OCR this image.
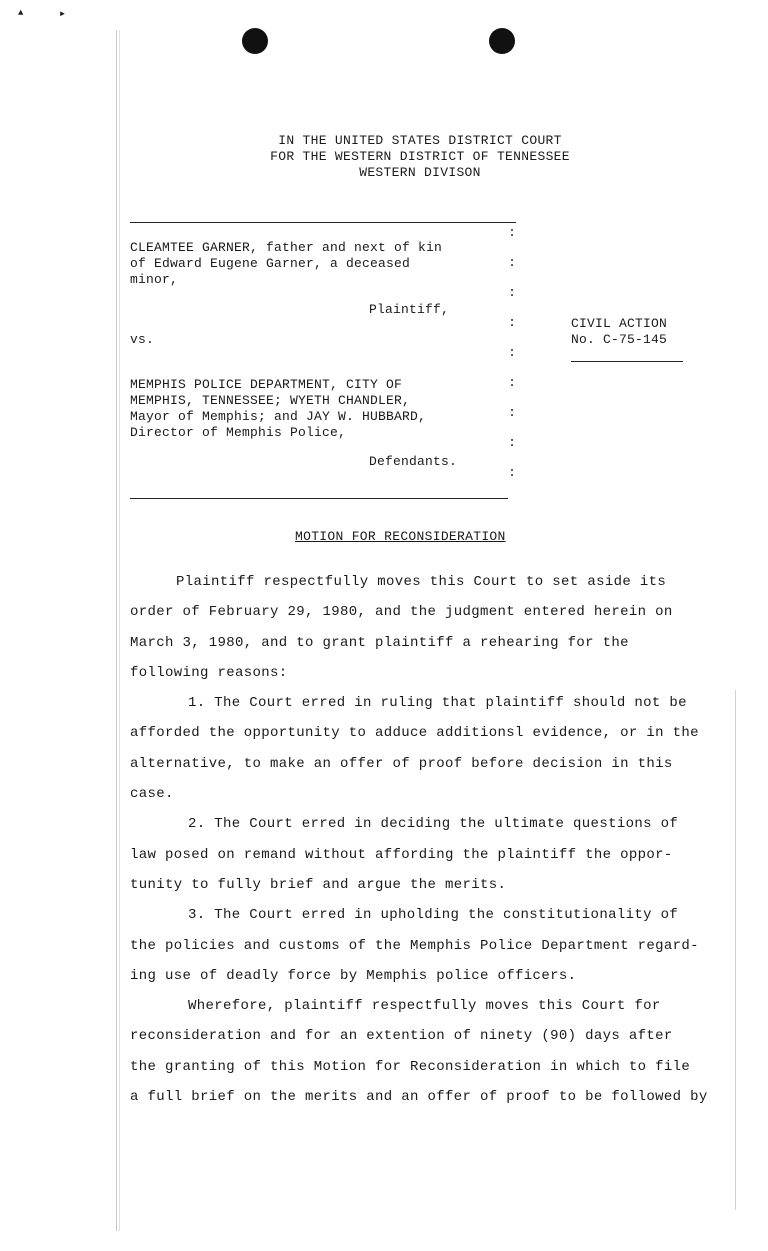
▲	►
IN THE UNITED STATES DISTRICT COURT
FOR THE WESTERN DISTRICT OF TENNESSEE
WESTERN DIVISON
CLEAMTEE GARNER, father and next of kin
of Edward Eugene Garner, a deceased
minor,
Plaintiff,
vs.
MEMPHIS POLICE DEPARTMENT, CITY OF
MEMPHIS, TENNESSEE; WYETH CHANDLER,
Mayor of Memphis; and JAY W. HUBBARD,
Director of Memphis Police,
Defendants.
:
:
:
:
:
:
:
:
:
CIVIL ACTION
No. C-75-145
MOTION FOR RECONSIDERATION

Plaintiff respectfully moves this Court to set aside its

order of February 29, 1980, and the judgment entered herein on

March 3, 1980, and to grant plaintiff a rehearing for the

following reasons:

1. The Court erred in ruling that plaintiff should not be

afforded the opportunity to adduce additionsl evidence, or in the

alternative, to make an offer of proof before decision in this

case.

2. The Court erred in deciding the ultimate questions of

law posed on remand without affording the plaintiff the oppor-

tunity to fully brief and argue the merits.

3. The Court erred in upholding the constitutionality of

the policies and customs of the Memphis Police Department regard-

ing use of deadly force by Memphis police officers.

Wherefore, plaintiff respectfully moves this Court for

reconsideration and for an extention of ninety (90) days after

the granting of this Motion for Reconsideration in which to file

a full brief on the merits and an offer of proof to be followed by
